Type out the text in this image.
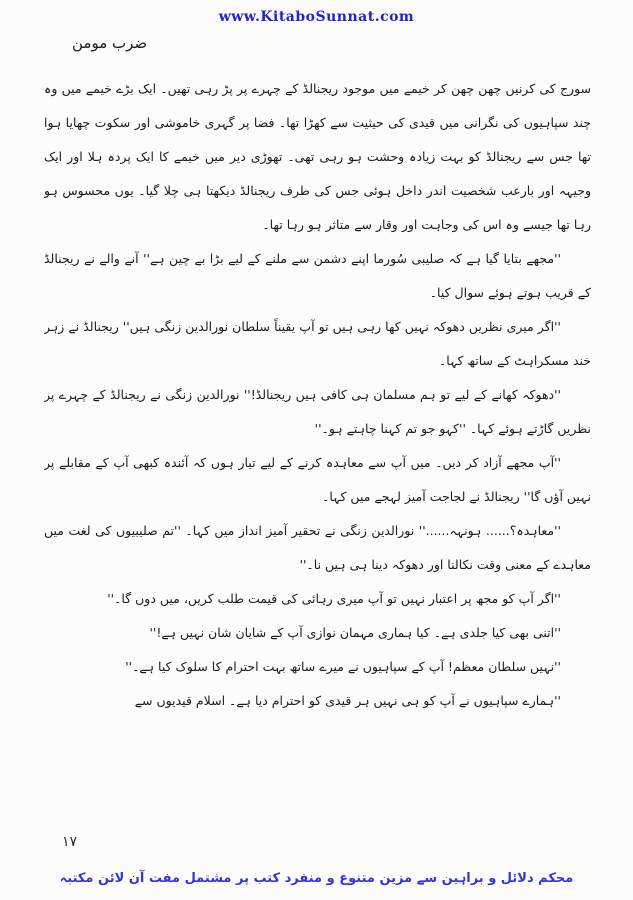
www.KitaboSunnat.com
ضرب مومن

سورج کی کرنیں چھن چھن کر خیمے میں موجود ریجنالڈ کے چہرے پر پڑ رہی تھیں۔ ایک بڑے خیمے میں وہ چند سپاہیوں کی نگرانی میں قیدی کی حیثیت سے کھڑا تھا۔ فضا پر گہری خاموشی اور سکوت چھایا ہوا تھا جس سے ریجنالڈ کو بہت زیادہ وحشت ہو رہی تھی۔ تھوڑی دیر میں خیمے کا ایک پردہ ہلا اور ایک وجیہہ اور بارعب شخصیت اندر داخل ہوئی جس کی طرف ریجنالڈ دیکھتا ہی چلا گیا۔ یوں محسوس ہو رہا تھا جیسے وہ اس کی وجاہت اور وقار سے متاثر ہو رہا تھا۔

''مجھے بتایا گیا ہے کہ صلیبی سُورما اپنے دشمن سے ملنے کے لیے بڑا بے چین ہے'' آنے والے نے ریجنالڈ کے قریب ہوتے ہوئے سوال کیا۔

''اگر میری نظریں دھوکہ نہیں کھا رہی ہیں تو آپ یقیناً سلطان نورالدین زنگی ہیں'' ریجنالڈ نے زہر خند مسکراہٹ کے ساتھ کہا۔

''دھوکہ کھانے کے لیے تو ہم مسلمان ہی کافی ہیں ریجنالڈ!'' نورالدین زنگی نے ریجنالڈ کے چہرے پر نظریں گاڑتے ہوئے کہا۔ ''کہو جو تم کہنا چاہتے ہو۔''

''آپ مجھے آزاد کر دیں۔ میں آپ سے معاہدہ کرنے کے لیے تیار ہوں کہ آئندہ کبھی آپ کے مقابلے پر نہیں آؤں گا'' ریجنالڈ نے لجاجت آمیز لہجے میں کہا۔

''معاہدہ؟...... ہونہہ......'' نورالدین زنگی نے تحقیر آمیز انداز میں کہا۔ ''تم صلیبیوں کی لغت میں معاہدے کے معنی وقت نکالنا اور دھوکہ دینا ہی ہیں نا۔''

''اگر آپ کو مجھ پر اعتبار نہیں تو آپ میری رہائی کی قیمت طلب کریں، میں دوں گا۔''

''اتنی بھی کیا جلدی ہے۔ کیا ہماری مہمان نوازی آپ کے شایان شان نہیں ہے!''

''نہیں سلطان معظم! آپ کے سپاہیوں نے میرے ساتھ بہت احترام کا سلوک کیا ہے۔''

''ہمارے سپاہیوں نے آپ کو ہی نہیں ہر قیدی کو احترام دیا ہے۔ اسلام قیدیوں سے

۱۷
محکم دلائل و براہین سے مزین متنوع و منفرد کتب پر مشتمل مفت آن لائن مکتبہ
